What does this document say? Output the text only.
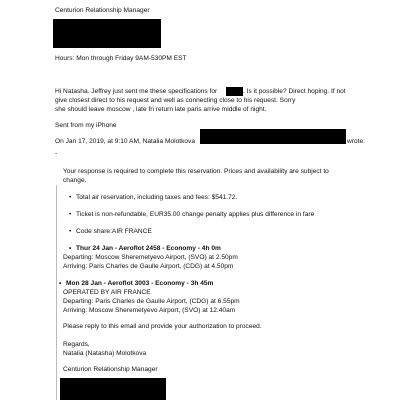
Centurion Relationship Manager
Hours: Mon through Friday 9AM-530PM EST
Hi Natasha. Jeffrey just sent me these specifications for	. Is it possible? Direct hoping. If not
give closest direct to his request and well as connecting close to his request. Sorry
she should leave moscow , late fri return late paris arrive middle of night.
Sent from my iPhone
On Jan 17, 2019, at 9:10 AM, Natalia Molotkova	wrote:
-
Your response is required to complete this reservation. Prices and availability are subject to
change.
• Total air reservation, including taxes and fees: $541.72.
• Ticket is non-refundable, EUR35.00 change penalty applies plus difference in fare
• Code share:AIR FRANCE
• Thur 24 Jan - Aeroflot 2458 - Economy - 4h 0m
Departing: Moscow Sheremetyevo Airport, (SVO) at 2.50pm
Arriving: Paris Charles de Gaulle Airport, (CDG) at 4.50pm
• Mon 28 Jan - Aeroflot 3003 - Economy - 3h 45m
OPERATED BY AIR FRANCE
Departing: Paris Charles de Gaulle Airport, (CDG) at 6.55pm
Arriving: Moscow Sheremetyevo Airport, (SVO) at 12.40am
Please reply to this email and provide your authorization to proceed.
Regards,
Natalia (Natasha) Molotkova
Centurion Relationship Manager
